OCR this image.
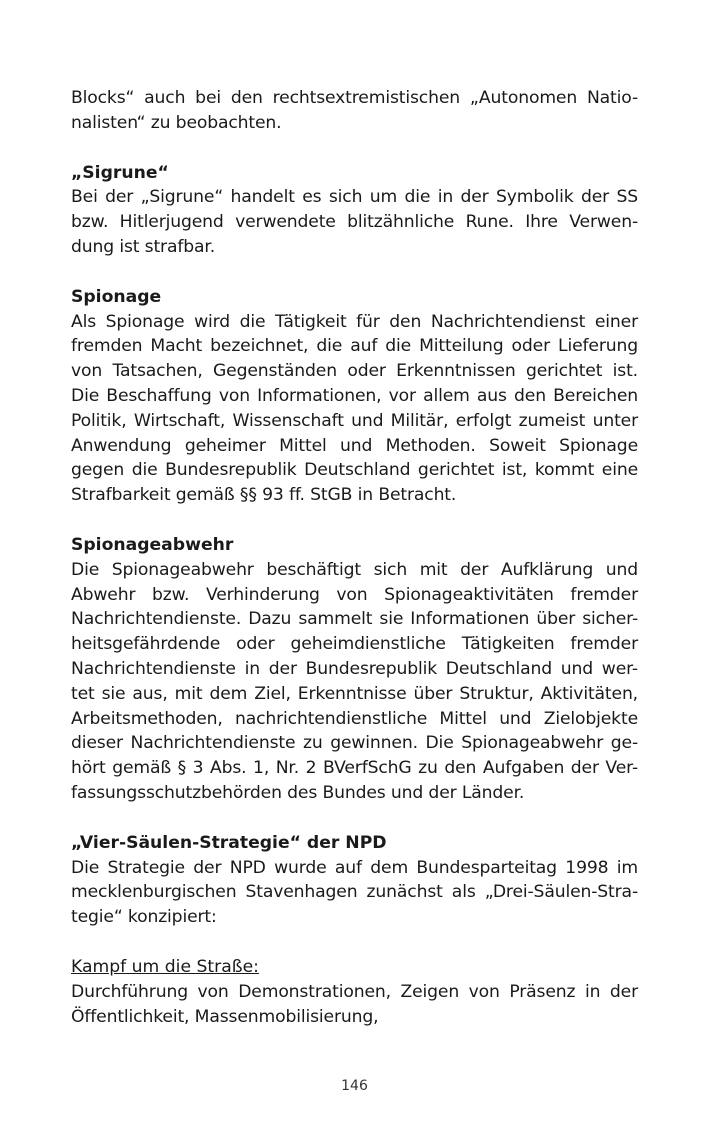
Blocks“ auch bei den rechtsextremistischen „Autonomen Natio-
nalisten“ zu beobachten.

„Sigrune“

Bei der „Sigrune“ handelt es sich um die in der Symbolik der SS
bzw. Hitlerjugend verwendete blitzähnliche Rune. Ihre Verwen-
dung ist strafbar.

Spionage

Als Spionage wird die Tätigkeit für den Nachrichtendienst einer
fremden Macht bezeichnet, die auf die Mitteilung oder Lieferung
von Tatsachen, Gegenständen oder Erkenntnissen gerichtet ist.
Die Beschaffung von Informationen, vor allem aus den Bereichen
Politik, Wirtschaft, Wissenschaft und Militär, erfolgt zumeist unter
Anwendung geheimer Mittel und Methoden. Soweit Spionage
gegen die Bundesrepublik Deutschland gerichtet ist, kommt eine
Strafbarkeit gemäß §§ 93 ff. StGB in Betracht.

Spionageabwehr

Die Spionageabwehr beschäftigt sich mit der Aufklärung und
Abwehr bzw. Verhinderung von Spionageaktivitäten fremder
Nachrichtendienste. Dazu sammelt sie Informationen über sicher-
heitsgefährdende oder geheimdienstliche Tätigkeiten fremder
Nachrichtendienste in der Bundesrepublik Deutschland und wer-
tet sie aus, mit dem Ziel, Erkenntnisse über Struktur, Aktivitäten,
Arbeitsmethoden, nachrichtendienstliche Mittel und Zielobjekte
dieser Nachrichtendienste zu gewinnen. Die Spionageabwehr ge-
hört gemäß § 3 Abs. 1, Nr. 2 BVerfSchG zu den Aufgaben der Ver-
fassungsschutzbehörden des Bundes und der Länder.

„Vier-Säulen-Strategie“ der NPD

Die Strategie der NPD wurde auf dem Bundesparteitag 1998 im
mecklenburgischen Stavenhagen zunächst als „Drei-Säulen-Stra-
tegie“ konzipiert:

Kampf um die Straße:

Durchführung von Demonstrationen, Zeigen von Präsenz in der
Öffentlichkeit, Massenmobilisierung,

146
